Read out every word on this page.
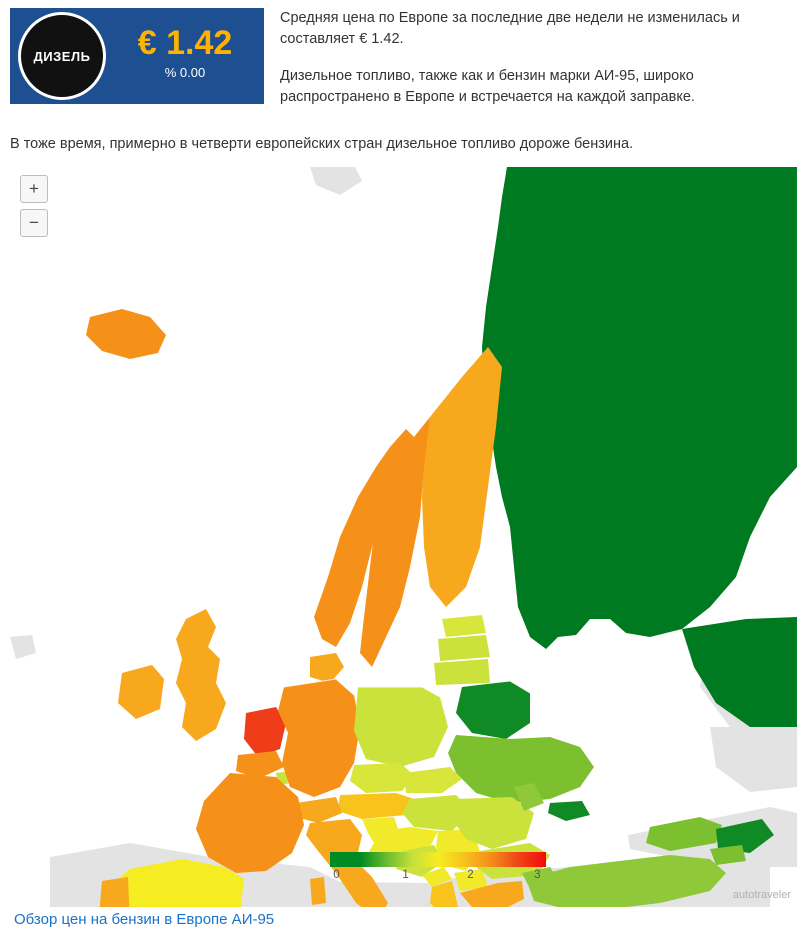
ДИЗЕЛЬ	€ 1.42
% 0.00

Средняя цена по Европе за последние две недели не изменилась и составляет € 1.42.

Дизельное топливо, также как и бензин марки АИ-95, широко распространено в Европе и встречается на каждой заправке.

В тоже время, примерно в четверти европейских стран дизельное топливо дороже бензина.

+
−
0	1	2	3
autotraveler
Обзор цен на бензин в Европе АИ-95
